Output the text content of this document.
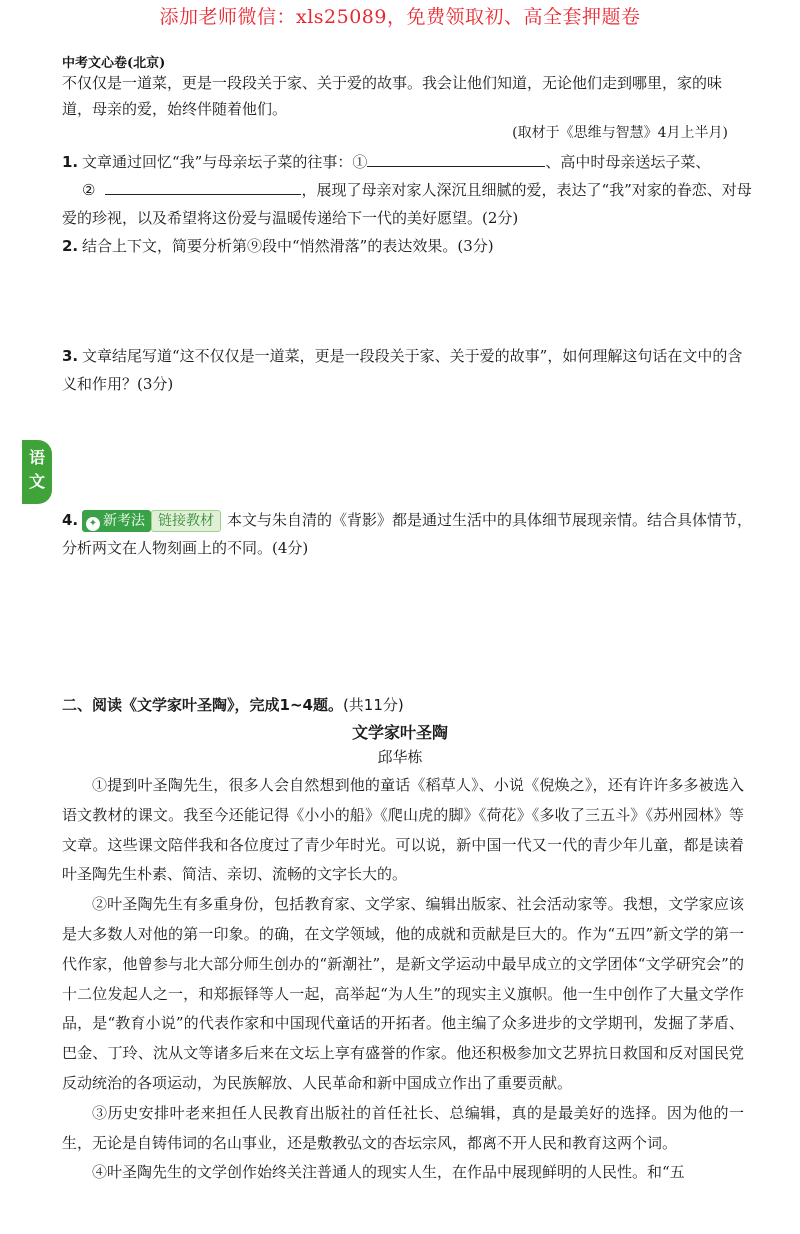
添加老师微信：xls25089，免费领取初、高全套押题卷
中考文心卷(北京)
不仅仅是一道菜，更是一段段关于家、关于爱的故事。我会让他们知道，无论他们走到哪里，家的味道，母亲的爱，始终伴随着他们。
(取材于《思维与智慧》4月上半月)
1. 文章通过回忆“我”与母亲坛子菜的往事：①	、高中时母亲送坛子菜、
②	，展现了母亲对家人深沉且细腻的爱，表达了“我”对家的眷恋、对母爱的珍视，以及希望将这份爱与温暖传递给下一代的美好愿望。(2分)
2. 结合上下文，简要分析第⑨段中“悄然滑落”的表达效果。(3分)
3. 文章结尾写道“这不仅仅是一道菜，更是一段段关于家、关于爱的故事”，如何理解这句话在文中的含义和作用？(3分)
语文
4. ✦ 新考法 链接教材 本文与朱自清的《背影》都是通过生活中的具体细节展现亲情。结合具体情节，分析两文在人物刻画上的不同。(4分)
二、阅读《文学家叶圣陶》，完成1~4题。(共11分)
文学家叶圣陶
邱华栋

①提到叶圣陶先生，很多人会自然想到他的童话《稻草人》、小说《倪焕之》，还有许许多多被选入语文教材的课文。我至今还能记得《小小的船》《爬山虎的脚》《荷花》《多收了三五斗》《苏州园林》等文章。这些课文陪伴我和各位度过了青少年时光。可以说，新中国一代又一代的青少年儿童，都是读着叶圣陶先生朴素、简洁、亲切、流畅的文字长大的。

②叶圣陶先生有多重身份，包括教育家、文学家、编辑出版家、社会活动家等。我想，文学家应该是大多数人对他的第一印象。的确，在文学领域，他的成就和贡献是巨大的。作为“五四”新文学的第一代作家，他曾参与北大部分师生创办的“新潮社”，是新文学运动中最早成立的文学团体“文学研究会”的十二位发起人之一，和郑振铎等人一起，高举起“为人生”的现实主义旗帜。他一生中创作了大量文学作品，是“教育小说”的代表作家和中国现代童话的开拓者。他主编了众多进步的文学期刊，发掘了茅盾、巴金、丁玲、沈从文等诸多后来在文坛上享有盛誉的作家。他还积极参加文艺界抗日救国和反对国民党反动统治的各项运动，为民族解放、人民革命和新中国成立作出了重要贡献。

③历史安排叶老来担任人民教育出版社的首任社长、总编辑，真的是最美好的选择。因为他的一生，无论是自铸伟词的名山事业，还是敷教弘文的杏坛宗风，都离不开人民和教育这两个词。

④叶圣陶先生的文学创作始终关注普通人的现实人生，在作品中展现鲜明的人民性。和“五
